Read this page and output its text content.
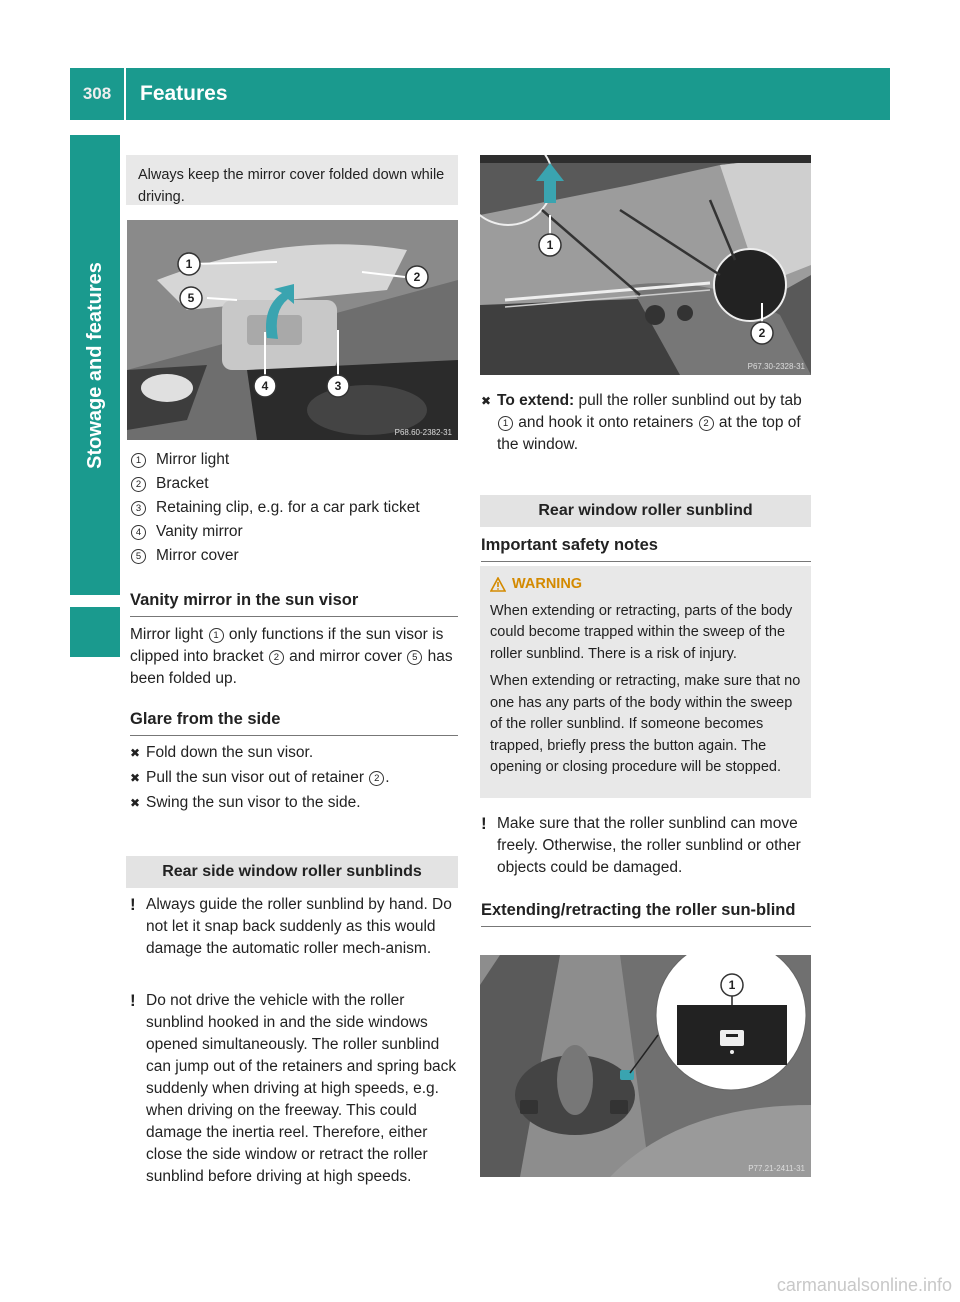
308	Features
Stowage and features
Always keep the mirror cover folded down while driving.
1
2
3
4
5
P68.60-2382-31
1 Mirror light
2 Bracket
3 Retaining clip, e.g. for a car park ticket
4 Vanity mirror
5 Mirror cover
Vanity mirror in the sun visor
Mirror light 1 only functions if the sun visor is clipped into bracket 2 and mirror cover 5 has been folded up.
Glare from the side
✖ Fold down the sun visor.
✖ Pull the sun visor out of retainer 2 .
✖ Swing the sun visor to the side.
Rear side window roller sunblinds
! Always guide the roller sunblind by hand. Do not let it snap back suddenly as this would damage the automatic roller mech-anism.
! Do not drive the vehicle with the roller sunblind hooked in and the side windows opened simultaneously. The roller sunblind can jump out of the retainers and spring back suddenly when driving at high speeds, e.g. when driving on the freeway. This could damage the inertia reel. Therefore, either close the side window or retract the roller sunblind before driving at high speeds.
1
2
P67.30-2328-31
✖ To extend: pull the roller sunblind out by tab 1 and hook it onto retainers 2 at the top of the window.
Rear window roller sunblind
Important safety notes
WARNING
When extending or retracting, parts of the body could become trapped within the sweep of the roller sunblind. There is a risk of injury.
When extending or retracting, make sure that no one has any parts of the body within the sweep of the roller sunblind. If someone becomes trapped, briefly press the button again. The opening or closing procedure will be stopped.
! Make sure that the roller sunblind can move freely. Otherwise, the roller sunblind or other objects could be damaged.
Extending/retracting the roller sun-blind
1
P77.21-2411-31
carmanualsonline.info
